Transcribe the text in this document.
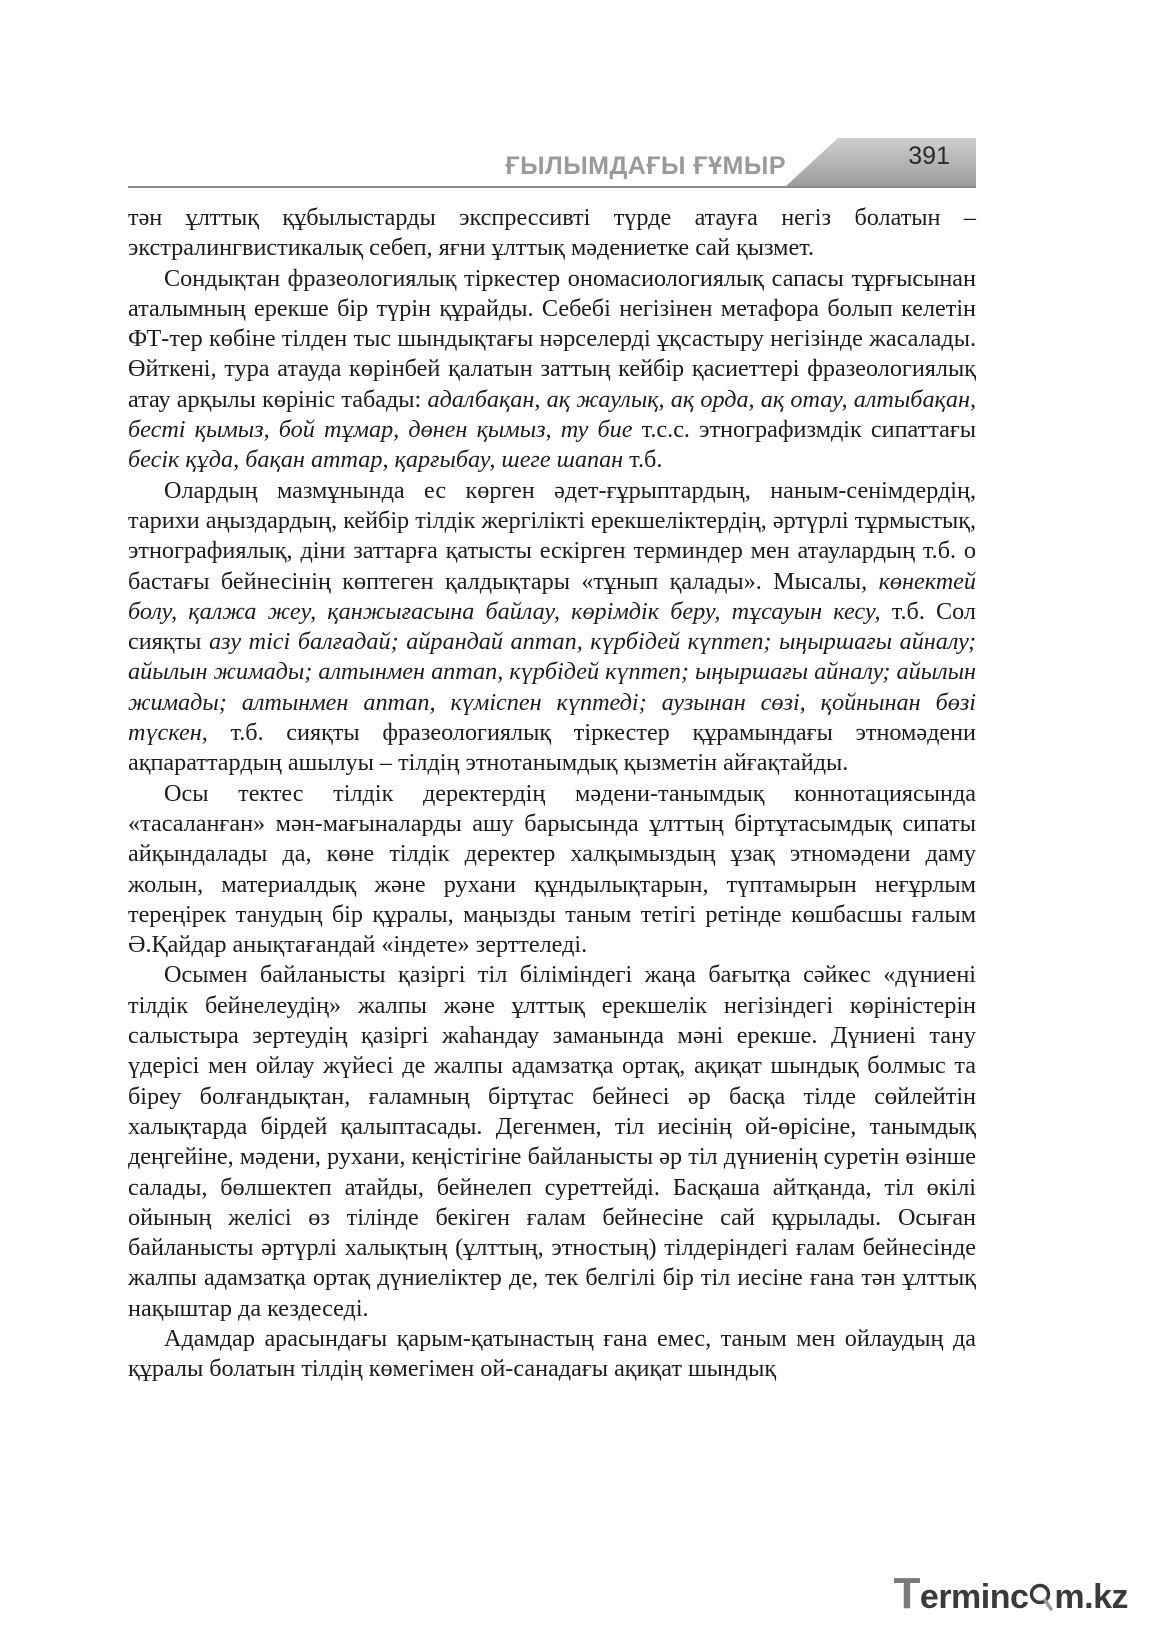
ҒЫЛЫМДАҒЫ ҒҰМЫР	391

тән ұлттық құбылыстарды экспрессивті түрде атауға негіз болатын – экстралингвистикалық себеп, яғни ұлттық мәдениетке сай қызмет.

Сондықтан фразеологиялық тіркестер ономасиологиялық сапасы тұрғысынан аталымның ерекше бір түрін құрайды. Себебі негізінен метафора болып келетін ФТ-тер көбіне тілден тыс шындықтағы нәрселерді ұқсастыру негізінде жасалады. Өйткені, тура атауда көрінбей қалатын заттың кейбір қасиеттері фразеологиялық атау арқылы көрініс табады: адалбақан, ақ жаулық, ақ орда, ақ отау, алтыбақан, бесті қымыз, бой тұмар, дөнен қымыз, ту бие т.с.с. этнографизмдік сипаттағы бесік құда, бақан аттар, қарғыбау, шеге шапан т.б.

Олардың мазмұнында ес көрген әдет-ғұрыптардың, наным-сенімдердің, тарихи аңыздардың, кейбір тілдік жергілікті ерекшеліктердің, әртүрлі тұрмыстық, этнографиялық, діни заттарға қатысты ескірген терминдер мен атаулардың т.б. о бастағы бейнесінің көптеген қалдықтары «тұнып қалады». Мысалы, көнектей болу, қалжа жеу, қанжығасына байлау, көрімдік беру, тұсауын кесу, т.б. Сол сияқты азу тісі балғадай; айрандай аптап, күрбідей күптеп; ыңыршағы айналу; айылын жимады; алтынмен аптап, күрбідей күптеп; ыңыршағы айналу; айылын жимады; алтынмен аптап, күміспен күптеді; аузынан сөзі, қойнынан бөзі түскен, т.б. сияқты фразеологиялық тіркестер құрамындағы этномәдени ақпараттардың ашылуы – тілдің этнотанымдық қызметін айғақтайды.

Осы тектес тілдік деректердің мәдени-танымдық коннотациясында «тасаланған» мән-мағыналарды ашу барысында ұлттың біртұтасымдық сипаты айқындалады да, көне тілдік деректер халқымыздың ұзақ этномәдени даму жолын, материалдық және рухани құндылықтарын, түптамырын неғұрлым тереңірек танудың бір құралы, маңызды таным тетігі ретінде көшбасшы ғалым Ә.Қайдар анықтағандай «індете» зерттеледі.

Осымен байланысты қазіргі тіл біліміндегі жаңа бағытқа сәйкес «дүниені тілдік бейнелеудің» жалпы және ұлттық ерекшелік негізіндегі көріністерін салыстыра зертеудің қазіргі жаһандау заманында мәні ерекше. Дүниені тану үдерісі мен ойлау жүйесі де жалпы адамзатқа ортақ, ақиқат шындық болмыс та біреу болғандықтан, ғаламның біртұтас бейнесі әр басқа тілде сөйлейтін халықтарда бірдей қалыптасады. Дегенмен, тіл иесінің ой-өрісіне, танымдық деңгейіне, мәдени, рухани, кеңістігіне байланысты әр тіл дүниенің суретін өзінше салады, бөлшектеп атайды, бейнелеп суреттейді. Басқаша айтқанда, тіл өкілі ойының желісі өз тілінде бекіген ғалам бейнесіне сай құрылады. Осыған байланысты әртүрлі халықтың (ұлттың, этностың) тілдеріндегі ғалам бейнесінде жалпы адамзатқа ортақ дүниеліктер де, тек белгілі бір тіл иесіне ғана тән ұлттық нақыштар да кездеседі.

Адамдар арасындағы қарым-қатынастың ғана емес, таным мен ойлаудың да құралы болатын тілдің көмегімен ой-санадағы ақиқат шындық

Terminc m.kz
